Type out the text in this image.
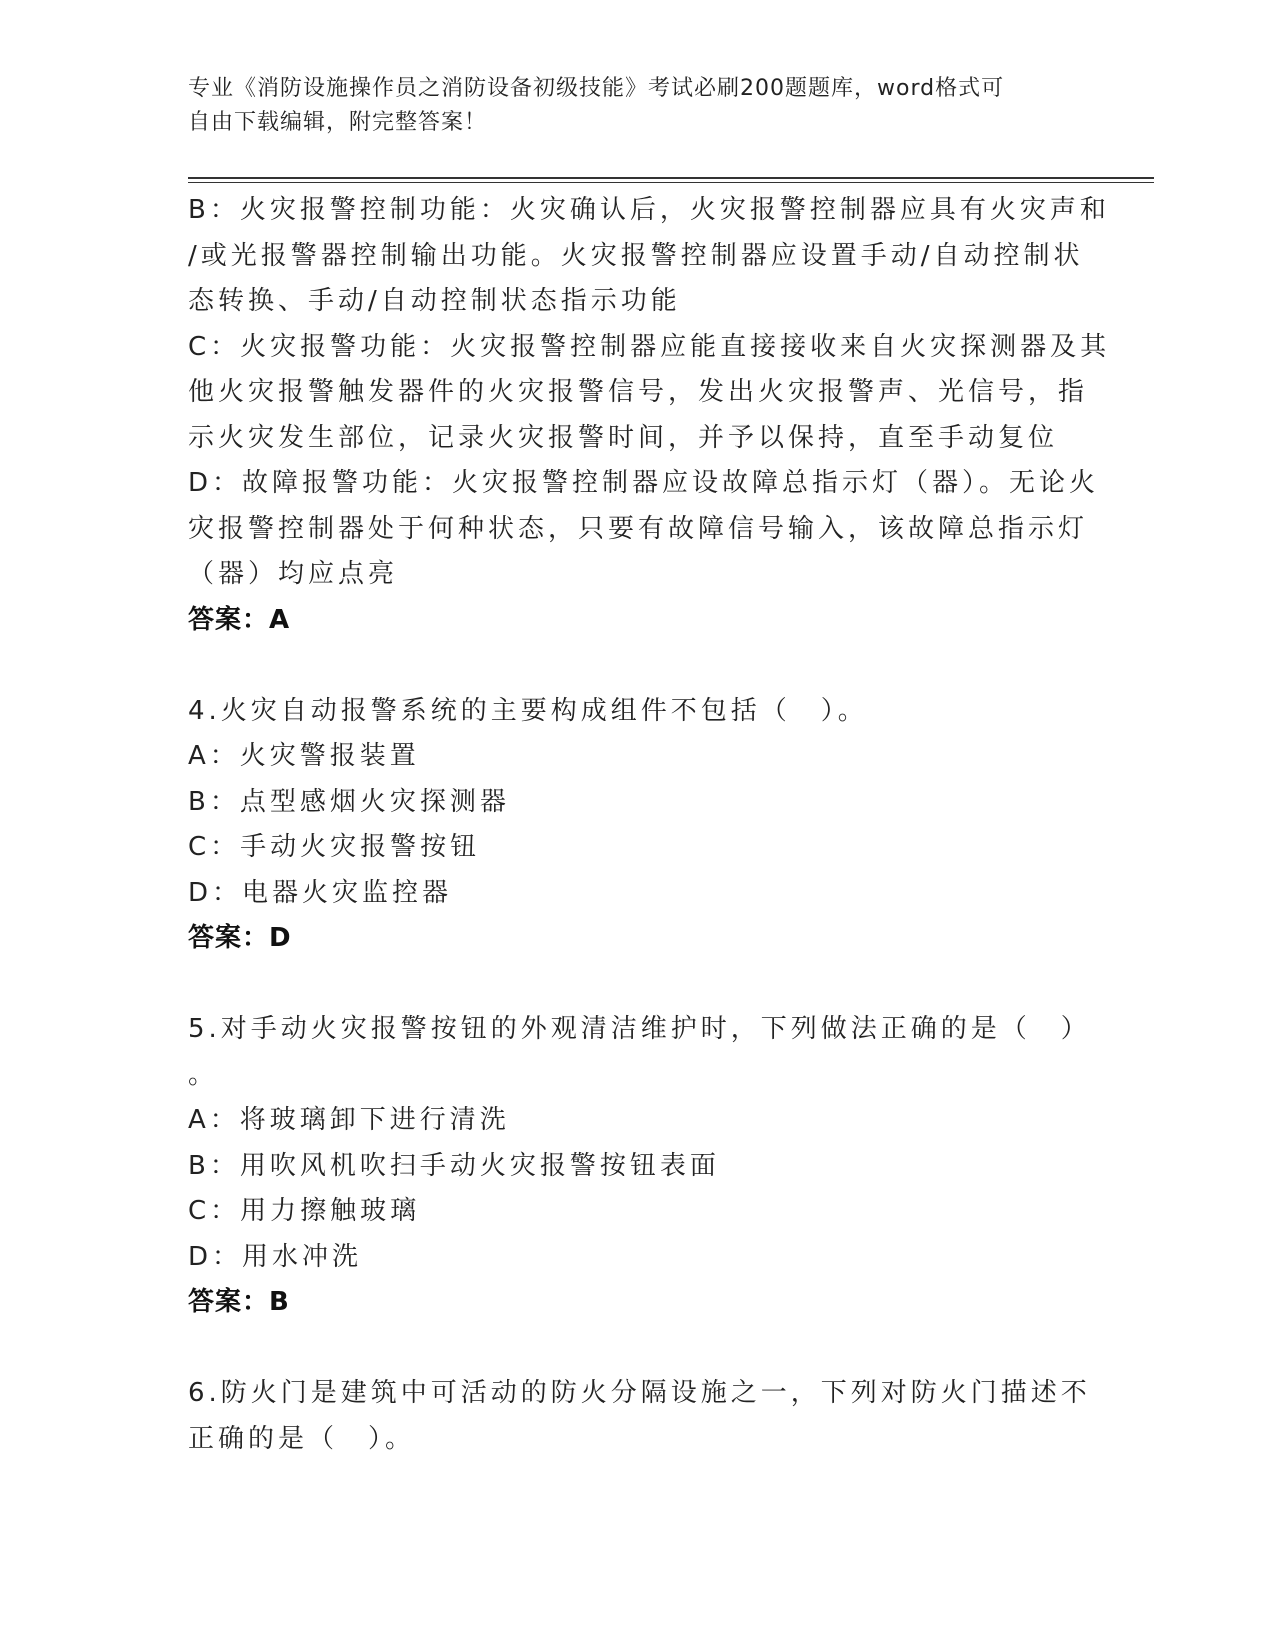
专业《消防设施操作员之消防设备初级技能》考试必刷200题题库，word格式可
自由下载编辑，附完整答案！
B：火灾报警控制功能：火灾确认后，火灾报警控制器应具有火灾声和
/或光报警器控制输出功能。火灾报警控制器应设置手动/自动控制状
态转换、手动/自动控制状态指示功能
C：火灾报警功能：火灾报警控制器应能直接接收来自火灾探测器及其
他火灾报警触发器件的火灾报警信号，发出火灾报警声、光信号，指
示火灾发生部位，记录火灾报警时间，并予以保持，直至手动复位
D：故障报警功能：火灾报警控制器应设故障总指示灯（器）。无论火
灾报警控制器处于何种状态，只要有故障信号输入，该故障总指示灯
（器）均应点亮
答案：A
4.火灾自动报警系统的主要构成组件不包括（　）。
A：火灾警报装置
B：点型感烟火灾探测器
C：手动火灾报警按钮
D：电器火灾监控器
答案：D
5.对手动火灾报警按钮的外观清洁维护时，下列做法正确的是（　）
。
A：将玻璃卸下进行清洗
B：用吹风机吹扫手动火灾报警按钮表面
C：用力擦触玻璃
D：用水冲洗
答案：B
6.防火门是建筑中可活动的防火分隔设施之一，下列对防火门描述不
正确的是（　）。
